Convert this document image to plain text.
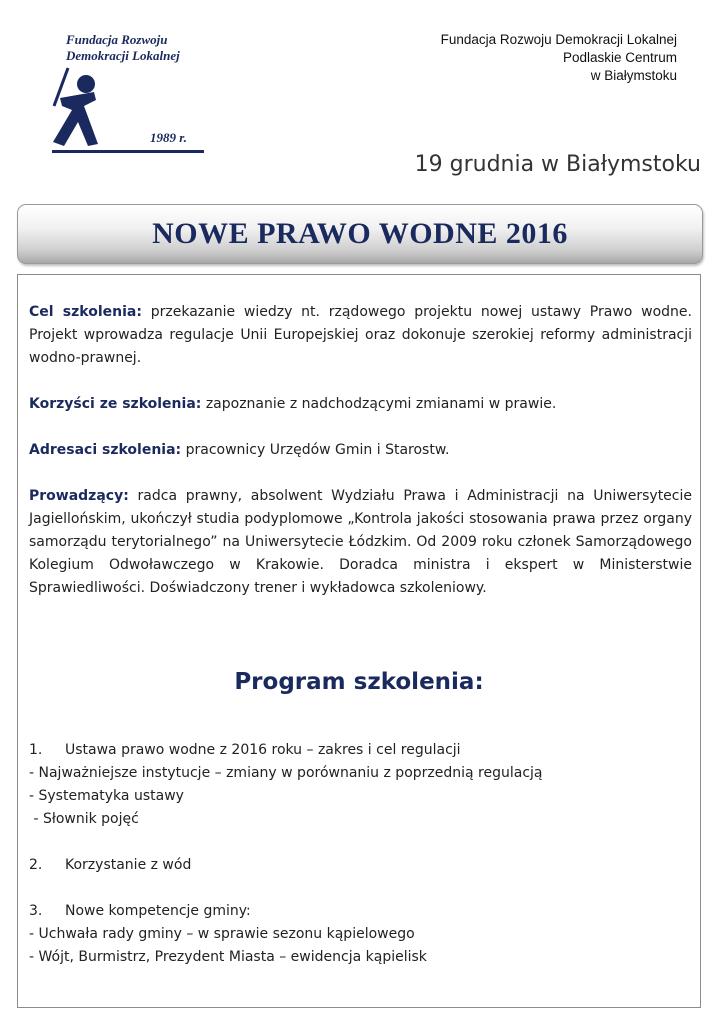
Fundacja Rozwoju
Demokracji Lokalnej
1989 r.
Fundacja Rozwoju Demokracji Lokalnej
Podlaskie Centrum
w Białymstoku
19 grudnia w Białymstoku
NOWE PRAWO WODNE 2016

Cel szkolenia: przekazanie wiedzy nt. rządowego projektu nowej ustawy Prawo wodne. Projekt wprowadza regulacje Unii Europejskiej oraz dokonuje szerokiej reformy administracji wodno-prawnej.

Korzyści ze szkolenia: zapoznanie z nadchodzącymi zmianami w prawie.

Adresaci szkolenia: pracownicy Urzędów Gmin i Starostw.

Prowadzący: radca prawny, absolwent Wydziału Prawa i Administracji na Uniwersytecie Jagiellońskim, ukończył studia podyplomowe „Kontrola jakości stosowania prawa przez organy samorządu terytorialnego” na Uniwersytecie Łódzkim. Od 2009 roku członek Samorządowego Kolegium Odwoławczego w Krakowie. Doradca ministra i ekspert w Ministerstwie Sprawiedliwości. Doświadczony trener i wykładowca szkoleniowy.

Program szkolenia:
1. Ustawa prawo wodne z 2016 roku – zakres i cel regulacji
- Najważniejsze instytucje – zmiany w porównaniu z poprzednią regulacją
- Systematyka ustawy
- Słownik pojęć
2. Korzystanie z wód
3. Nowe kompetencje gminy:
- Uchwała rady gminy – w sprawie sezonu kąpielowego
- Wójt, Burmistrz, Prezydent Miasta – ewidencja kąpielisk
